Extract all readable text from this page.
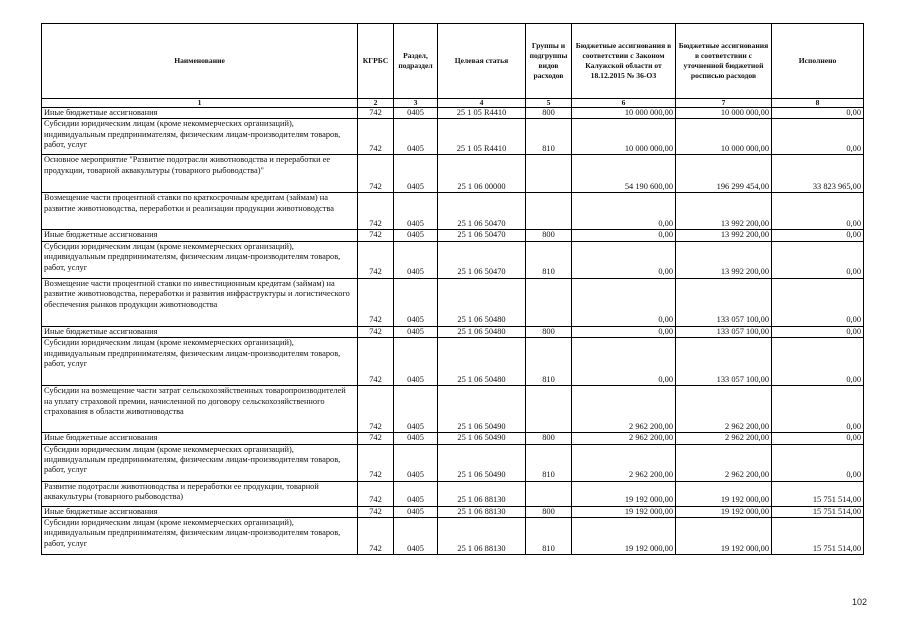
Наименование	КГРБС	Раздел, подраздел	Целевая статья	Группы и подгруппы видов расходов	Бюджетные ассигнования в соответствии с Законом Калужской области от 18.12.2015 № 36-ОЗ	Бюджетные ассигнования в соответствии с уточненной бюджетной росписью расходов	Исполнено
1	2	3	4	5	6	7	8
Иные бюджетные ассигнования	742	0405	25 1 05 R4410	800	10 000 000,00	10 000 000,00	0,00
Субсидии юридическим лицам (кроме некоммерческих организаций), индивидуальным предпринимателям, физическим лицам-производителям товаров, работ, услуг	742	0405	25 1 05 R4410	810	10 000 000,00	10 000 000,00	0,00
Основное мероприятие "Развитие подотрасли животноводства и переработки ее продукции, товарной аквакультуры (товарного рыбоводства)"	742	0405	25 1 06 00000		54 190 600,00	196 299 454,00	33 823 965,00
Возмещение части процентной ставки по краткосрочным кредитам (займам) на развитие животноводства, переработки и реализации продукции животноводства	742	0405	25 1 06 50470		0,00	13 992 200,00	0,00
Иные бюджетные ассигнования	742	0405	25 1 06 50470	800	0,00	13 992 200,00	0,00
Субсидии юридическим лицам (кроме некоммерческих организаций), индивидуальным предпринимателям, физическим лицам-производителям товаров, работ, услуг	742	0405	25 1 06 50470	810	0,00	13 992 200,00	0,00
Возмещение части процентной ставки по инвестиционным кредитам (займам) на развитие животноводства, переработки и развития инфраструктуры и логистического обеспечения рынков продукции животноводства	742	0405	25 1 06 50480		0,00	133 057 100,00	0,00
Иные бюджетные ассигнования	742	0405	25 1 06 50480	800	0,00	133 057 100,00	0,00
Субсидии юридическим лицам (кроме некоммерческих организаций), индивидуальным предпринимателям, физическим лицам-производителям товаров, работ, услуг	742	0405	25 1 06 50480	810	0,00	133 057 100,00	0,00
Субсидии на возмещение части затрат сельскохозяйственных товаропроизводителей на уплату страховой премии, начисленной по договору сельскохозяйственного страхования в области животноводства	742	0405	25 1 06 50490		2 962 200,00	2 962 200,00	0,00
Иные бюджетные ассигнования	742	0405	25 1 06 50490	800	2 962 200,00	2 962 200,00	0,00
Субсидии юридическим лицам (кроме некоммерческих организаций), индивидуальным предпринимателям, физическим лицам-производителям товаров, работ, услуг	742	0405	25 1 06 50490	810	2 962 200,00	2 962 200,00	0,00
Развитие подотрасли животноводства и переработки ее продукции, товарной аквакультуры (товарного рыбоводства)	742	0405	25 1 06 88130		19 192 000,00	19 192 000,00	15 751 514,00
Иные бюджетные ассигнования	742	0405	25 1 06 88130	800	19 192 000,00	19 192 000,00	15 751 514,00
Субсидии юридическим лицам (кроме некоммерческих организаций), индивидуальным предпринимателям, физическим лицам-производителям товаров, работ, услуг	742	0405	25 1 06 88130	810	19 192 000,00	19 192 000,00	15 751 514,00
102
